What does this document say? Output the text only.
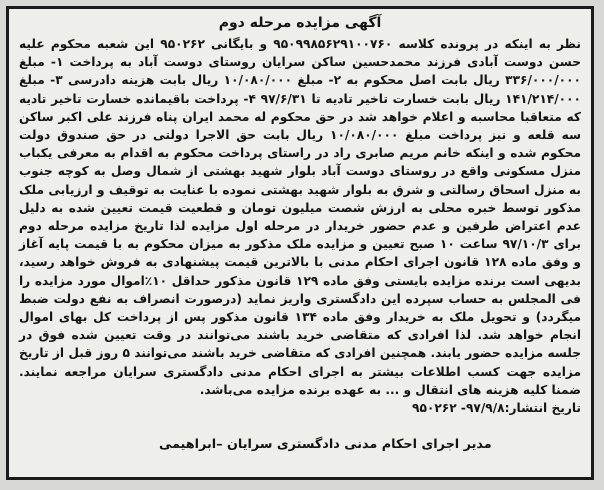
آگهی مزایده مرحله دوم

نظر به اینکه در پرونده کلاسه ۹۵۰۹۹۸۵۶۲۹۱۰۰۷۶۰ و بایگانی ۹۵۰۲۶۲ این شعبه محکوم علیه حسن دوست آبادی فرزند محمدحسین ساکن سرایان روستای دوست آباد به پرداخت ۱- مبلغ ۳۳۶/۰۰۰/۰۰۰ ریال بابت اصل محکوم به ۲- مبلغ ۱۰/۰۸۰/۰۰۰ ریال بابت هزینه دادرسی ۳- مبلغ ۱۴۱/۲۱۴/۰۰۰ ریال بابت خسارت تاخیر تادیه تا ۹۷/۶/۳۱ ۴- پرداخت باقیمانده خسارت تاخیر تادیه که متعاقبا محاسبه و اعلام خواهد شد در حق محکوم له محمد ایران پناه فرزند علی اکبر ساکن سه قلعه و نیز پرداخت مبلغ ۱۰/۰۸۰/۰۰۰ ریال بابت حق الاجرا دولتی در حق صندوق دولت محکوم شده و اینکه خانم مریم صابری راد در راستای پرداخت محکوم به اقدام به معرفی یکباب منزل مسکونی واقع در روستای دوست آباد بلوار شهید بهشتی از شمال وصل به کوچه جنوب به منزل اسحاق رسالتی و شرق به بلوار شهید بهشتی نموده با عنایت به توقیف و ارزیابی ملک مذکور توسط خبره محلی به ارزش شصت میلیون تومان و قطعیت قیمت تعیین شده به دلیل عدم اعتراض طرفین و عدم حضور خریدار در مرحله اول مزایده لذا تاریخ مزایده مرحله دوم برای ۹۷/۱۰/۳ ساعت ۱۰ صبح تعیین و مزایده ملک مذکور به میزان محکوم به با قیمت پایه آغاز و وفق ماده ۱۲۸ قانون اجرای احکام مدنی با بالاترین قیمت پیشنهادی به فروش خواهد رسید، بدیهی است برنده مزایده بایستی وفق ماده ۱۲۹ قانون مذکور حداقل ۱۰٪اموال مورد مزایده را فی المجلس به حساب سپرده این دادگستری واریز نماید (درصورت انصراف به نفع دولت ضبط میگردد) و تحویل ملک به خریدار وفق ماده ۱۳۴ قانون مذکور پس از پرداخت کل بهای اموال انجام خواهد شد. لذا افرادی که متقاضی خرید باشند می‌توانند در وقت تعیین شده فوق در جلسه مزایده حضور یابند. همچنین افرادی که متقاضی خرید باشند می‌توانند ۵ روز قبل از تاریخ مزایده جهت کسب اطلاعات بیشتر به اجرای احکام مدنی دادگستری سرایان مراجعه نمایند. ضمنا کلیه هزینه های انتقال و ... به عهده برنده مزایده می‌باشد.

تاریخ انتشار:۹۷/۹/۸- ۹۵۰۲۶۲
مدیر اجرای احکام مدنی دادگستری سرایان –ابراهیمی
